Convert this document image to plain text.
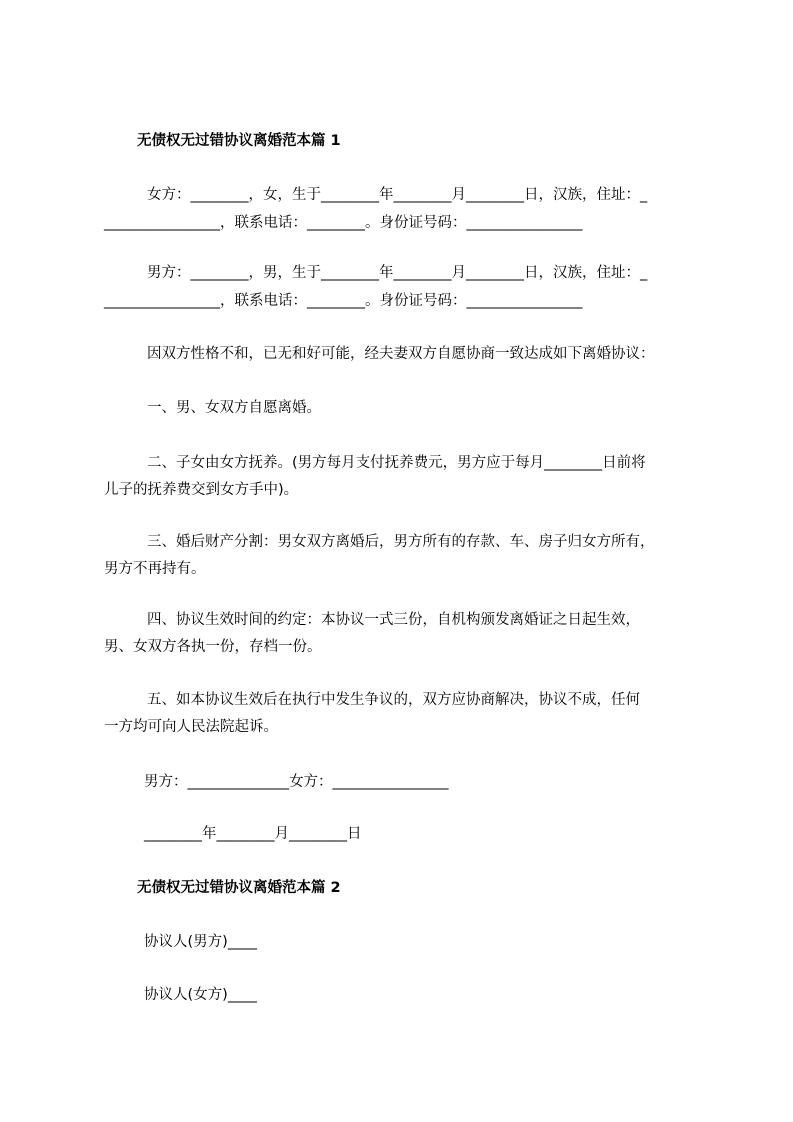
无债权无过错协议离婚范本篇 1
女方：________，女，生于________年________月________日，汉族，住址：_
________________，联系电话：________。身份证号码：________________
男方：________，男，生于________年________月________日，汉族，住址：_
________________，联系电话：________。身份证号码：________________
因双方性格不和，已无和好可能，经夫妻双方自愿协商一致达成如下离婚协议：
一、男、女双方自愿离婚。
二、子女由女方抚养。(男方每月支付抚养费元，男方应于每月________日前将
儿子的抚养费交到女方手中)。
三、婚后财产分割：男女双方离婚后，男方所有的存款、车、房子归女方所有，
男方不再持有。
四、协议生效时间的约定：本协议一式三份，自机构颁发离婚证之日起生效，
男、女双方各执一份，存档一份。
五、如本协议生效后在执行中发生争议的，双方应协商解决，协议不成，任何
一方均可向人民法院起诉。
男方：______________女方：________________
________年________月________日
无债权无过错协议离婚范本篇 2
协议人(男方)____
协议人(女方)____
